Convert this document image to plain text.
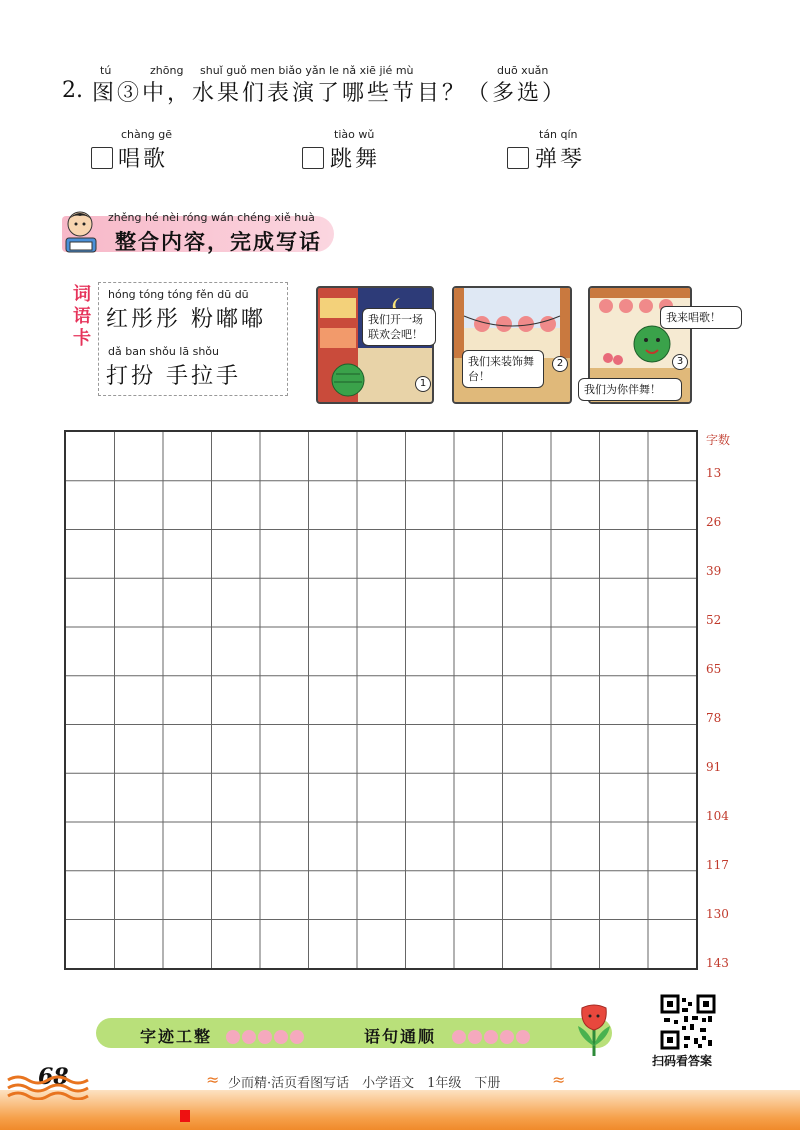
tú	zhōng shuǐ guǒ men biǎo yǎn le nǎ xiē jié mù	duō xuǎn
2. 图③中，水果们表演了哪些节目？（多选）
chàng gē
唱歌
tiào wǔ
跳舞
tán qín
弹琴
zhěng hé nèi róng wán chéng xiě huà
整合内容，完成写话
词语卡 hóng tóng tóng fěn dū dū
红彤彤 粉嘟嘟
dǎ ban shǒu lā shǒu
打扮 手拉手	1
我们开一场联欢会吧！
2
我们来装饰舞台！
3
我来唱歌！
我们为你伴舞！
字数
13
26
39
52
65
78
91
104
117
130
143
字迹工整	语句通顺
扫码看答案
68	少而精·活页看图写话　小学语文　1年级　下册
≈	≈
